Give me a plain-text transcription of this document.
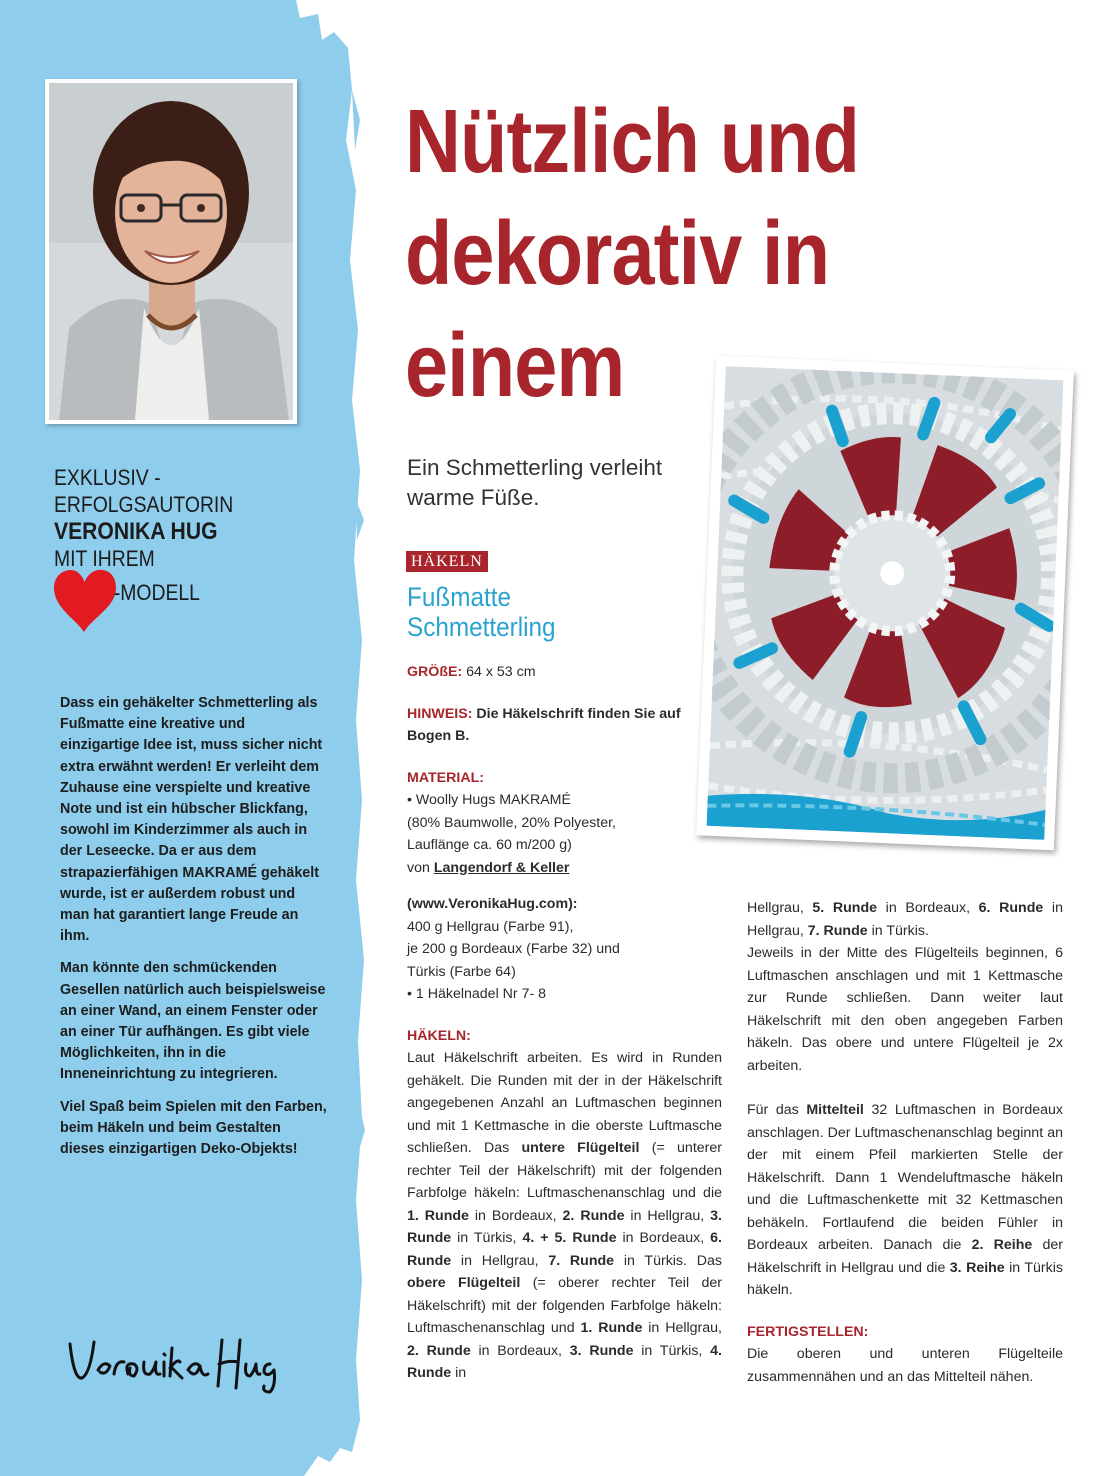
EXKLUSIV -
ERFOLGSAUTORIN
VERONIKA HUG
MIT IHREM
-MODELL

Dass ein gehäkelter Schmetterling als Fußmatte eine kreative und einzigartige Idee ist, muss sicher nicht extra erwähnt werden! Er verleiht dem Zuhause eine verspielte und kreative Note und ist ein hübscher Blickfang, sowohl im Kinderzimmer als auch in der Leseecke. Da er aus dem strapazierfähigen MAKRAMÉ gehäkelt wurde, ist er außerdem robust und man hat garantiert lange Freude an ihm.

Man könnte den schmückenden Gesellen natürlich auch beispielsweise an einer Wand, an einem Fenster oder an einer Tür aufhängen. Es gibt viele Möglichkeiten, ihn in die Inneneinrichtung zu integrieren.

Viel Spaß beim Spielen mit den Farben, beim Häkeln und beim Gestalten dieses einzigartigen Deko-Objekts!

Nützlich und
dekorativ in
einem
Ein Schmetterling verleiht warme Füße.
HÄKELN
Fußmatte
Schmetterling

GRÖßE: 64 x 53 cm

HINWEIS: Die Häkelschrift finden Sie auf Bogen B.

MATERIAL:

• Woolly Hugs MAKRAMÉ

(80% Baumwolle, 20% Polyester,

Lauflänge ca. 60 m/200 g)

von Langendorf & Keller

(www.VeronikaHug.com):

400 g Hellgrau (Farbe 91),

je 200 g Bordeaux (Farbe 32) und

Türkis (Farbe 64)

• 1 Häkelnadel Nr 7- 8

HÄKELN:

Laut Häkelschrift arbeiten. Es wird in Runden gehäkelt. Die Runden mit der in der Häkelschrift angegebenen Anzahl an Luftmaschen beginnen und mit 1 Kettmasche in die oberste Luftmasche schließen. Das untere Flügelteil (= unterer rechter Teil der Häkelschrift) mit der folgenden Farbfolge häkeln: Luftmaschenanschlag und die 1. Runde in Bordeaux, 2. Runde in Hellgrau, 3. Runde in Türkis, 4. + 5. Runde in Bordeaux, 6. Runde in Hellgrau, 7. Runde in Türkis. Das obere Flügelteil (= oberer rechter Teil der Häkelschrift) mit der folgenden Farbfolge häkeln: Luftmaschenanschlag und 1. Runde in Hellgrau, 2. Runde in Bordeaux, 3. Runde in Türkis, 4. Runde in

Hellgrau, 5. Runde in Bordeaux, 6. Runde in Hellgrau, 7. Runde in Türkis.

Jeweils in der Mitte des Flügelteils beginnen, 6 Luftmaschen anschlagen und mit 1 Kettmasche zur Runde schließen. Dann weiter laut Häkelschrift mit den oben angegeben Farben häkeln. Das obere und untere Flügelteil je 2x arbeiten.

Für das Mittelteil 32 Luftmaschen in Bordeaux anschlagen. Der Luftmaschenanschlag beginnt an der mit einem Pfeil markierten Stelle der Häkelschrift. Dann 1 Wendeluftmasche häkeln und die Luftmaschenkette mit 32 Kettmaschen behäkeln. Fortlaufend die beiden Fühler in Bordeaux arbeiten. Danach die 2. Reihe der Häkelschrift in Hellgrau und die 3. Reihe in Türkis häkeln.

FERTIGSTELLEN:

Die oberen und unteren Flügelteile zusammennähen und an das Mittelteil nähen.
